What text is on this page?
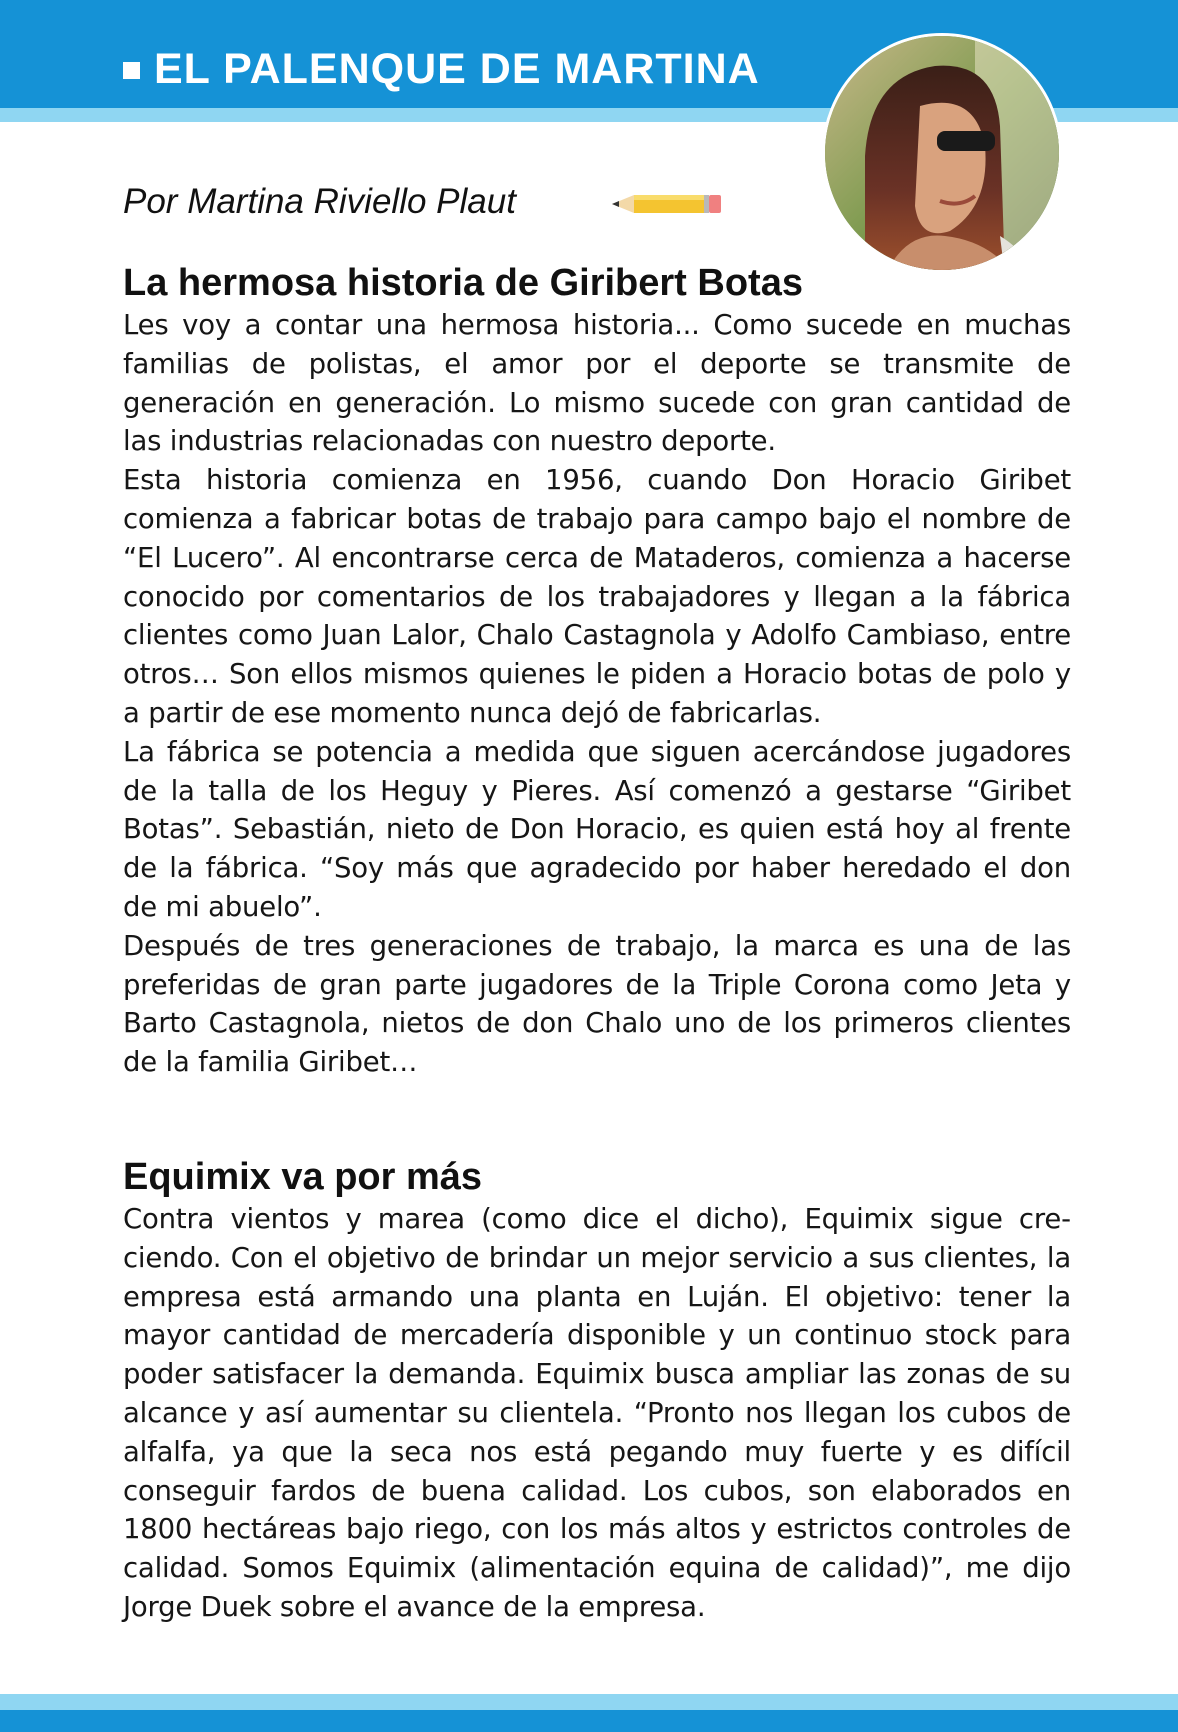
EL PALENQUE DE MARTINA
Por Martina Riviello Plaut
La hermosa historia de Giribert Botas

Les voy a contar una hermosa historia... Como sucede en muchas familias de polistas, el amor por el deporte se transmite de generación en generación. Lo mismo sucede con gran cantidad de las industrias relacionadas con nuestro deporte.

Esta historia comienza en 1956, cuando Don Horacio Giribet comienza a fabricar botas de trabajo para campo bajo el nombre de “El Lucero”. Al encontrarse cerca de Mataderos, comienza a hacerse conocido por comentarios de los trabajadores y llegan a la fábrica clientes como Juan Lalor, Chalo Castagnola y Adolfo Cambiaso, entre otros… Son ellos mismos quienes le piden a Horacio botas de polo y a partir de ese momento nunca dejó de fabricarlas.

La fábrica se potencia a medida que siguen acercándose jugadores de la talla de los Heguy y Pieres. Así comenzó a gestarse “Giribet Botas”. Sebastián, nieto de Don Horacio, es quien está hoy al frente de la fábrica. “Soy más que agradecido por haber heredado el don de mi abuelo”.

Después de tres generaciones de trabajo, la marca es una de las preferidas de gran parte jugadores de la Triple Corona como Jeta y Barto Castagnola, nietos de don Chalo uno de los primeros clientes de la familia Giribet…

Equimix va por más

Contra vientos y marea (como dice el dicho), Equimix sigue creciendo. Con el objetivo de brindar un mejor servicio a sus clientes, la empresa está armando una planta en Luján. El objetivo: tener la mayor cantidad de mercadería disponible y un continuo stock para poder satisfacer la demanda. Equimix busca ampliar las zonas de su alcance y así aumentar su clientela. “Pronto nos llegan los cubos de alfalfa, ya que la seca nos está pegando muy fuerte y es difícil conseguir fardos de buena calidad. Los cubos, son elaborados en 1800 hectáreas bajo riego, con los más altos y estrictos controles de calidad. Somos Equimix (alimentación equina de calidad)”, me dijo Jorge Duek sobre el avance de la empresa.
